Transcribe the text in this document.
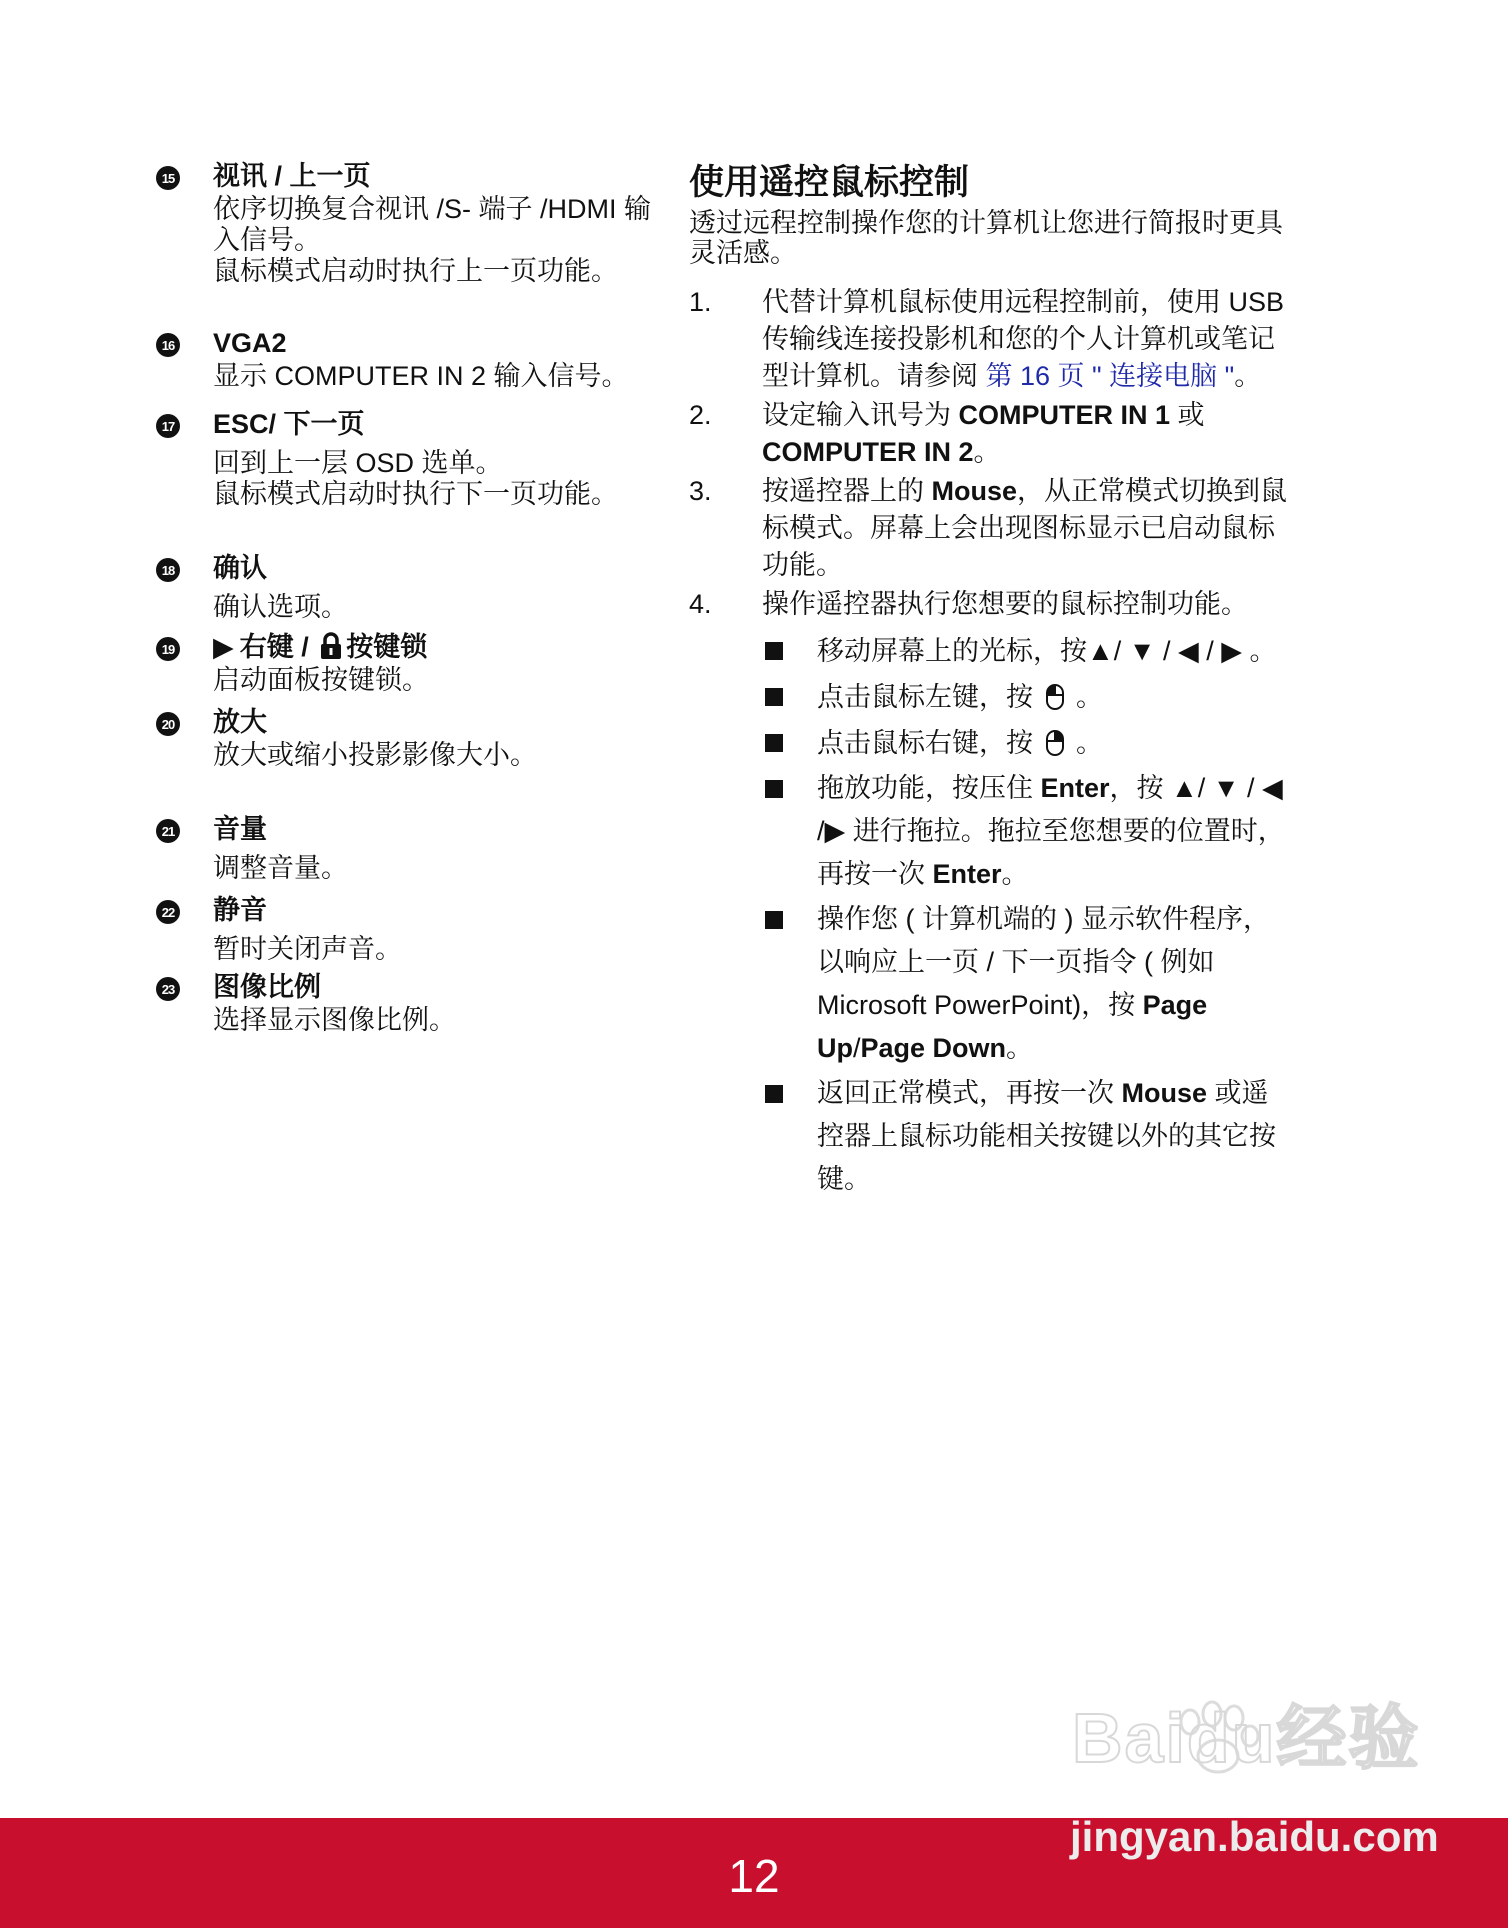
15 视讯 / 上一页
依序切换复合视讯 /S- 端子 /HDMI 输入信号。
鼠标模式启动时执行上一页功能。
16 VGA2
显示 COMPUTER IN 2 输入信号。
17 ESC/ 下一页
回到上一层 OSD 选单。
鼠标模式启动时执行下一页功能。
18 确认
确认选项。
19 ▶ 右键 / 按键锁
启动面板按键锁。
20 放大
放大或缩小投影影像大小。
21 音量
调整音量。
22 静音
暂时关闭声音。
23 图像比例
选择显示图像比例。
使用遥控鼠标控制
透过远程控制操作您的计算机让您进行简报时更具灵活感。
1. 代替计算机鼠标使用远程控制前，使用 USB 传输线连接投影机和您的个人计算机或笔记型计算机。请参阅 第 16 页 " 连接电脑 "。
2. 设定输入讯号为 COMPUTER IN 1 或 COMPUTER IN 2。
3. 按遥控器上的 Mouse，从正常模式切换到鼠标模式。屏幕上会出现图标显示已启动鼠标功能。
4. 操作遥控器执行您想要的鼠标控制功能。
移动屏幕上的光标，按▲/ ▼ / ◀ / ▶ 。
点击鼠标左键，按 。
点击鼠标右键，按 。
拖放功能，按压住 Enter，按 ▲/ ▼ / ◀ /▶ 进行拖拉。拖拉至您想要的位置时，再按一次 Enter。
操作您 ( 计算机端的 ) 显示软件程序，以响应上一页 / 下一页指令 ( 例如 Microsoft PowerPoint)，按 Page Up/Page Down。
返回正常模式，再按一次 Mouse 或遥控器上鼠标功能相关按键以外的其它按键。
12
Baidu经验
jingyan.baidu.com
